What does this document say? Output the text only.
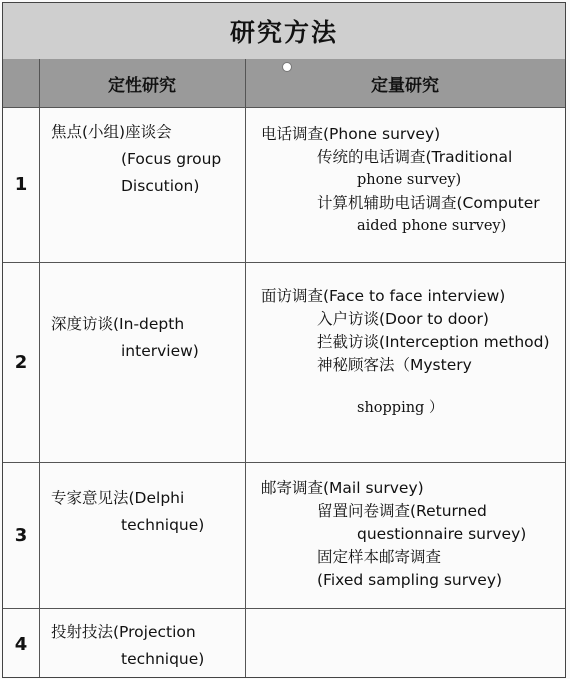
研究方法
定性研究	定量研究
1
焦点(小组)座谈会
(Focus group
Discution)
电话调查(Phone survey)
传统的电话调查(Traditional
phone survey)
计算机辅助电话调查(Computer
aided phone survey)
2
深度访谈(In-depth
interview)
面访调查(Face to face interview)
入户访谈(Door to door)
拦截访谈(Interception method)
神秘顾客法（Mystery
shopping ）
3
专家意见法(Delphi
technique)
邮寄调查(Mail survey)
留置问卷调查(Returned
questionnaire survey)
固定样本邮寄调查
(Fixed sampling survey)
4
投射技法(Projection
technique)
